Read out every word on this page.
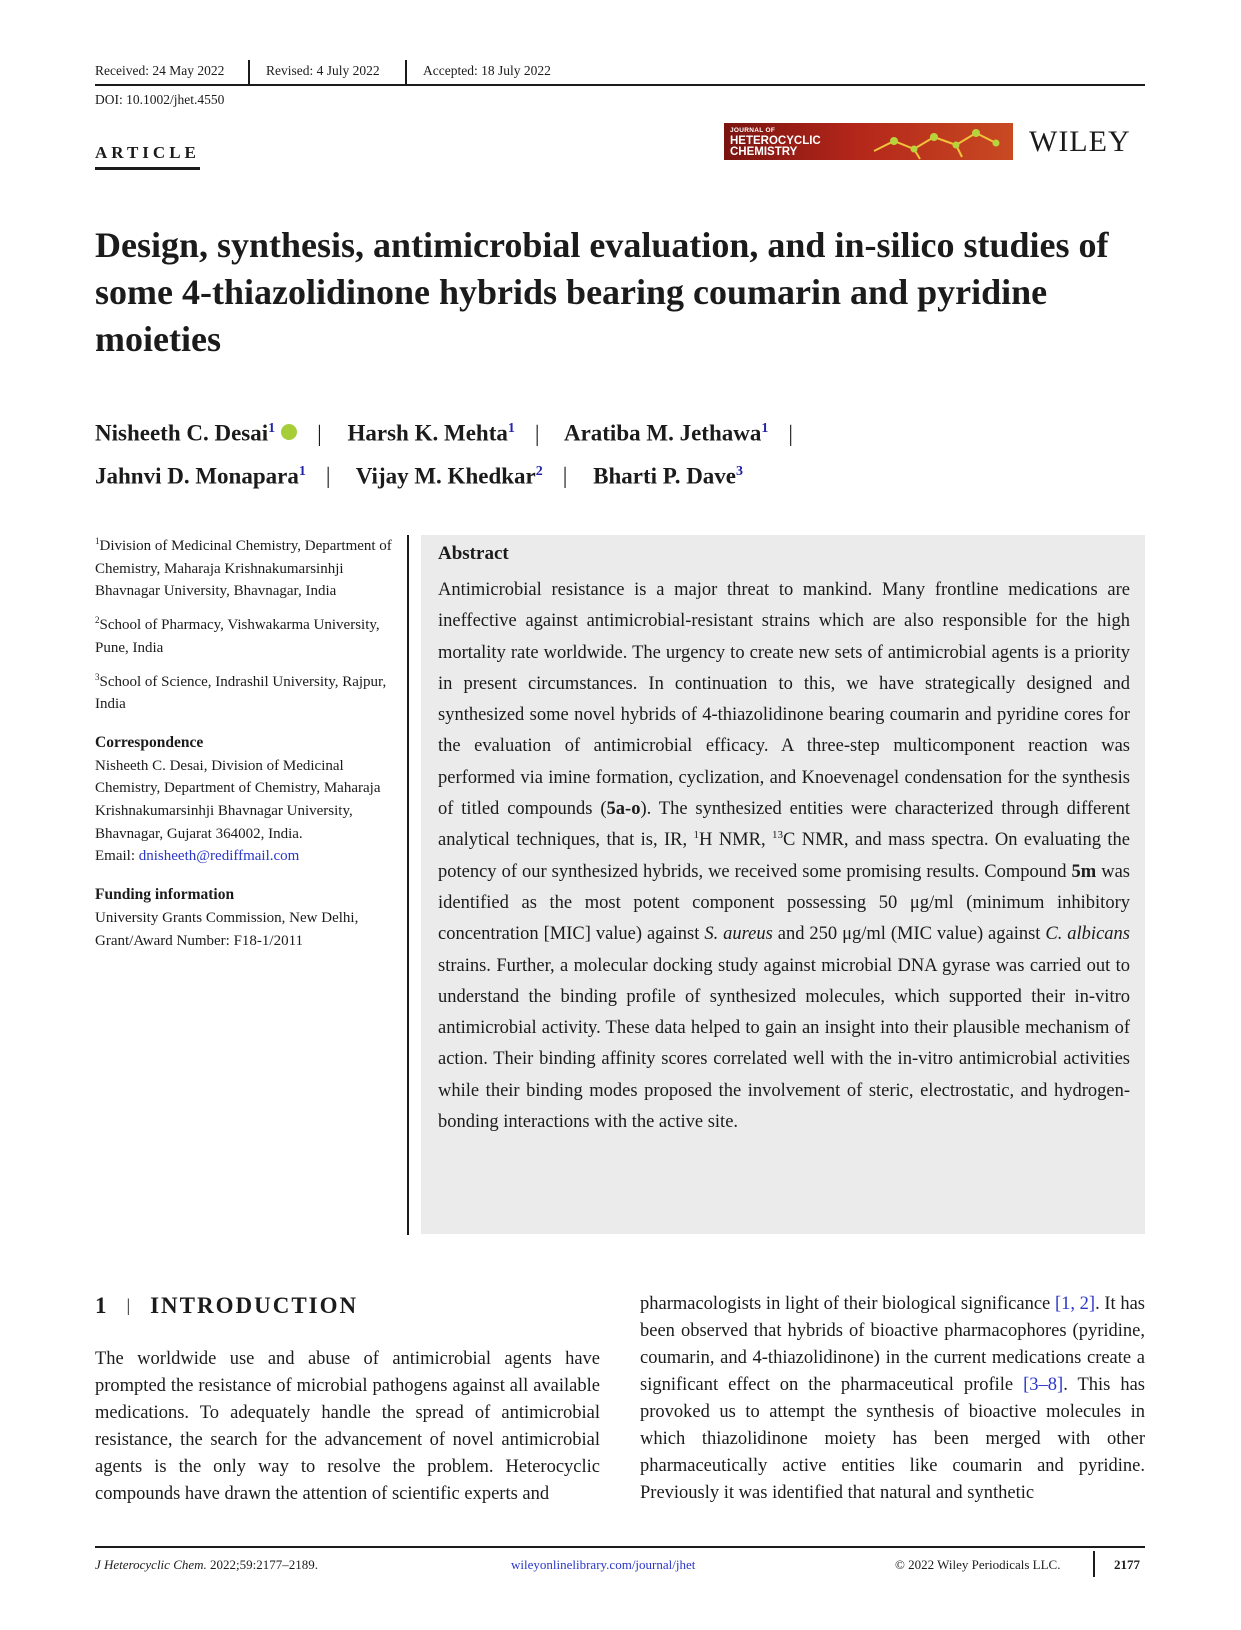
Received: 24 May 2022	Revised: 4 July 2022	Accepted: 18 July 2022
DOI: 10.1002/jhet.4550
ARTICLE
JOURNAL OF
HETEROCYCLIC
CHEMISTRY	WILEY
Design, synthesis, antimicrobial evaluation, and in-silico studies of some 4-thiazolidinone hybrids bearing coumarin and pyridine moieties
Nisheeth C. Desai$^1$ | Harsh K. Mehta$^1$ | Aratiba M. Jethawa$^1$ |
Jahnvi D. Monapara$^1$ | Vijay M. Khedkar$^2$ | Bharti P. Dave$^3$

$^1$Division of Medicinal Chemistry, Department of Chemistry, Maharaja Krishnakumarsinhji Bhavnagar University, Bhavnagar, India

$^2$School of Pharmacy, Vishwakarma University, Pune, India

$^3$School of Science, Indrashil University, Rajpur, India

Correspondence
Nisheeth C. Desai, Division of Medicinal Chemistry, Department of Chemistry, Maharaja Krishnakumarsinhji Bhavnagar University, Bhavnagar, Gujarat 364002, India.
Email: dnisheeth@rediffmail.com
Funding information
University Grants Commission, New Delhi, Grant/Award Number: F18-1/2011
Abstract
Antimicrobial resistance is a major threat to mankind. Many frontline medications are ineffective against antimicrobial-resistant strains which are also responsible for the high mortality rate worldwide. The urgency to create new sets of antimicrobial agents is a priority in present circumstances. In continuation to this, we have strategically designed and synthesized some novel hybrids of 4-thiazolidinone bearing coumarin and pyridine cores for the evaluation of antimicrobial efficacy. A three-step multicomponent reaction was performed via imine formation, cyclization, and Knoevenagel condensation for the synthesis of titled compounds (5a-o). The synthesized entities were characterized through different analytical techniques, that is, IR, $^1$H NMR, $^{13}$C NMR, and mass spectra. On evaluating the potency of our synthesized hybrids, we received some promising results. Compound 5m was identified as the most potent component possessing 50 μg/ml (minimum inhibitory concentration [MIC] value) against S. aureus and 250 μg/ml (MIC value) against C. albicans strains. Further, a molecular docking study against microbial DNA gyrase was carried out to understand the binding profile of synthesized molecules, which supported their in-vitro antimicrobial activity. These data helped to gain an insight into their plausible mechanism of action. Their binding affinity scores correlated well with the in-vitro antimicrobial activities while their binding modes proposed the involvement of steric, electrostatic, and hydrogen-bonding interactions with the active site.
1 | INTRODUCTION
The worldwide use and abuse of antimicrobial agents have prompted the resistance of microbial pathogens against all available medications. To adequately handle the spread of antimicrobial resistance, the search for the advancement of novel antimicrobial agents is the only way to resolve the problem. Heterocyclic compounds have drawn the attention of scientific experts and
pharmacologists in light of their biological significance [1, 2]. It has been observed that hybrids of bioactive pharmacophores (pyridine, coumarin, and 4-thiazolidinone) in the current medications create a significant effect on the pharmaceutical profile [3–8]. This has provoked us to attempt the synthesis of bioactive molecules in which thiazolidinone moiety has been merged with other pharmaceutically active entities like coumarin and pyridine. Previously it was identified that natural and synthetic
J Heterocyclic Chem. 2022;59:2177–2189.	wileyonlinelibrary.com/journal/jhet	© 2022 Wiley Periodicals LLC.	2177
